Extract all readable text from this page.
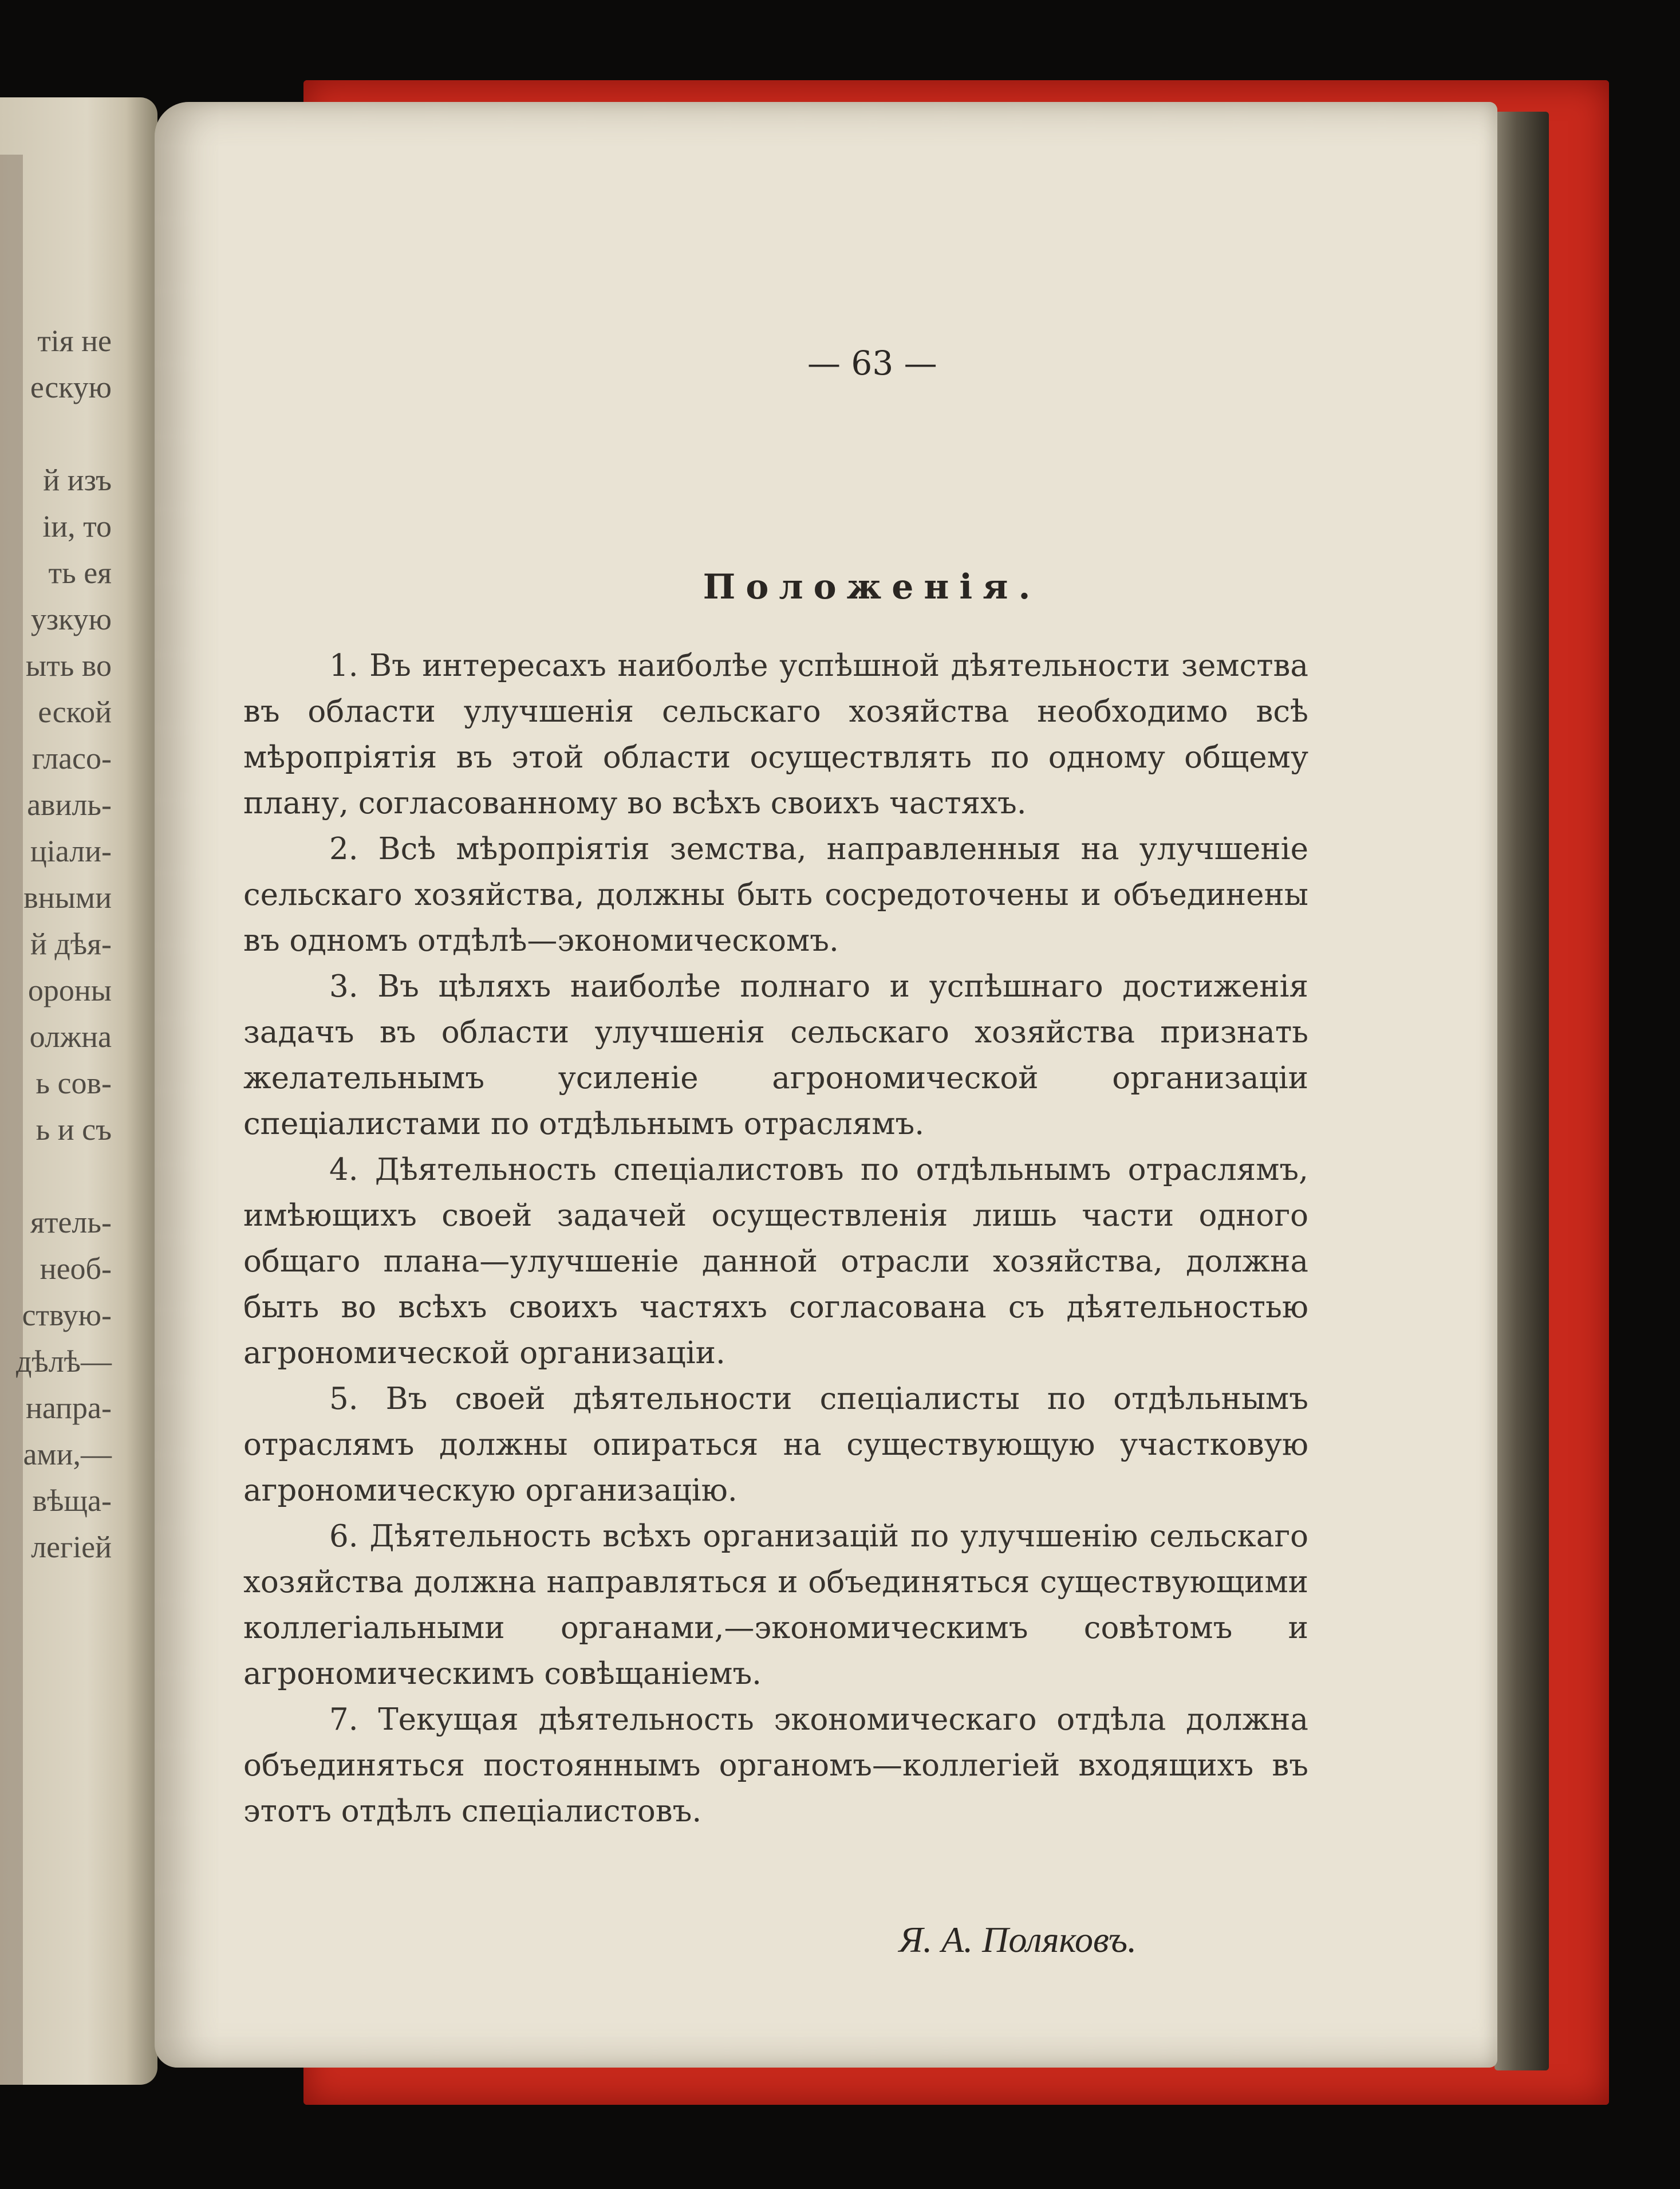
тія не
ескую
й изъ
іи, то
ть ея
узкую
ыть во
еской
гласо-
авиль-
ціали-
вными
й дѣя-
ороны
олжна
ь сов-
ь и съ
ятель-
необ-
ствую-
дѣлѣ—
напра-
ами,—
вѣща-
легіей
— 63 —
Положенія.

1. Въ интересахъ наиболѣе успѣшной дѣятельности земства въ области улучшенія сельскаго хозяйства необходимо всѣ мѣропріятія въ этой области осуществлять по одному общему плану, согласованному во всѣхъ своихъ частяхъ.

2. Всѣ мѣропріятія земства, направленныя на улучшеніе сельскаго хозяйства, должны быть сосредоточены и объединены въ одномъ отдѣлѣ—экономическомъ.

3. Въ цѣляхъ наиболѣе полнаго и успѣшнаго достиженія задачъ въ области улучшенія сельскаго хозяйства признать желательнымъ усиленіе агрономической организаціи спеціалистами по отдѣльнымъ отраслямъ.

4. Дѣятельность спеціалистовъ по отдѣльнымъ отраслямъ, имѣющихъ своей задачей осуществленія лишь части одного общаго плана—улучшеніе данной отрасли хозяйства, должна быть во всѣхъ своихъ частяхъ согласована съ дѣятельностью агрономической организаціи.

5. Въ своей дѣятельности спеціалисты по отдѣльнымъ отраслямъ должны опираться на существующую участковую агрономическую организацію.

6. Дѣятельность всѣхъ организацій по улучшенію сельскаго хозяйства должна направляться и объединяться существующими коллегіальными органами,—экономическимъ совѣтомъ и агрономическимъ совѣщаніемъ.

7. Текущая дѣятельность экономическаго отдѣла должна объединяться постояннымъ органомъ—коллегіей входящихъ въ этотъ отдѣлъ спеціалистовъ.

Я. А. Поляковъ.
